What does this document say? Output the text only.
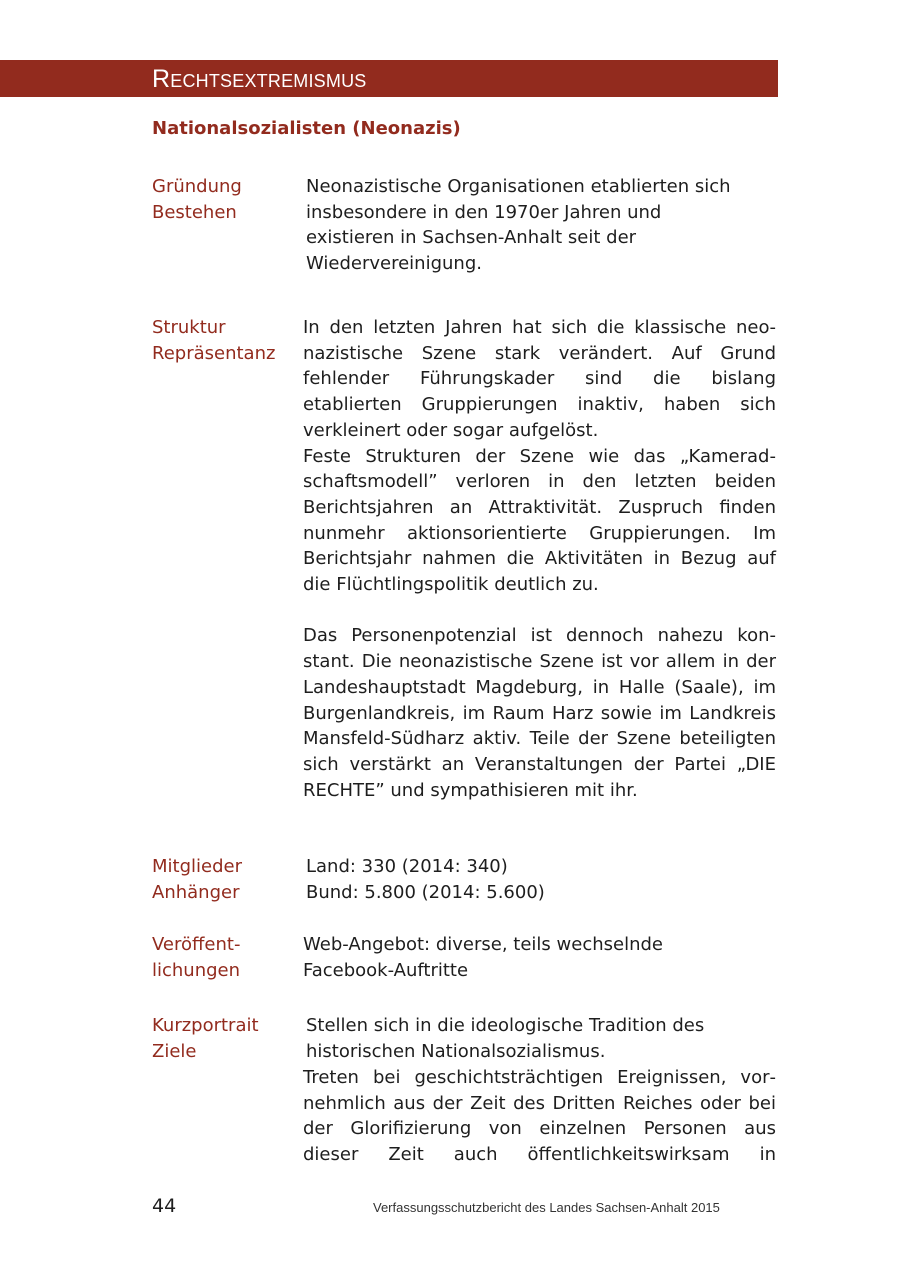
Rechtsextremismus
Nationalsozialisten (Neonazis)
Gründung
Bestehen

Neonazistische Organisationen etablierten sich insbesondere in den 1970er Jahren und existieren in Sachsen-Anhalt seit der Wiedervereinigung.

Struktur
Repräsentanz

In den letzten Jahren hat sich die klassische neonazistische Szene stark verändert. Auf Grund fehlender Führungskader sind die bislang etablierten Gruppierungen inaktiv, haben sich verkleinert oder sogar aufgelöst.

Feste Strukturen der Szene wie das „Kameradschaftsmodell” verloren in den letzten beiden Berichtsjahren an Attraktivität. Zuspruch finden nunmehr aktionsorientierte Gruppierungen. Im Berichtsjahr nahmen die Aktivitäten in Bezug auf die Flüchtlingspolitik deutlich zu.

Das Personenpotenzial ist dennoch nahezu konstant. Die neonazistische Szene ist vor allem in der Landeshauptstadt Magdeburg, in Halle (Saale), im Burgenlandkreis, im Raum Harz sowie im Landkreis Mansfeld-Südharz aktiv. Teile der Szene beteiligten sich verstärkt an Veranstaltungen der Partei „DIE RECHTE” und sympathisieren mit ihr.

Mitglieder
Anhänger

Land: 330 (2014: 340)

Bund: 5.800 (2014: 5.600)

Veröffent-
lichungen

Web-Angebot: diverse, teils wechselnde

Facebook-Auftritte

Kurzportrait
Ziele

Stellen sich in die ideologische Tradition des historischen Nationalsozialismus.

Treten bei geschichtsträchtigen Ereignissen, vornehmlich aus der Zeit des Dritten Reiches oder bei der Glorifizierung von einzelnen Personen aus dieser Zeit auch öffentlichkeitswirksam in

44	Verfassungsschutzbericht des Landes Sachsen-Anhalt 2015
